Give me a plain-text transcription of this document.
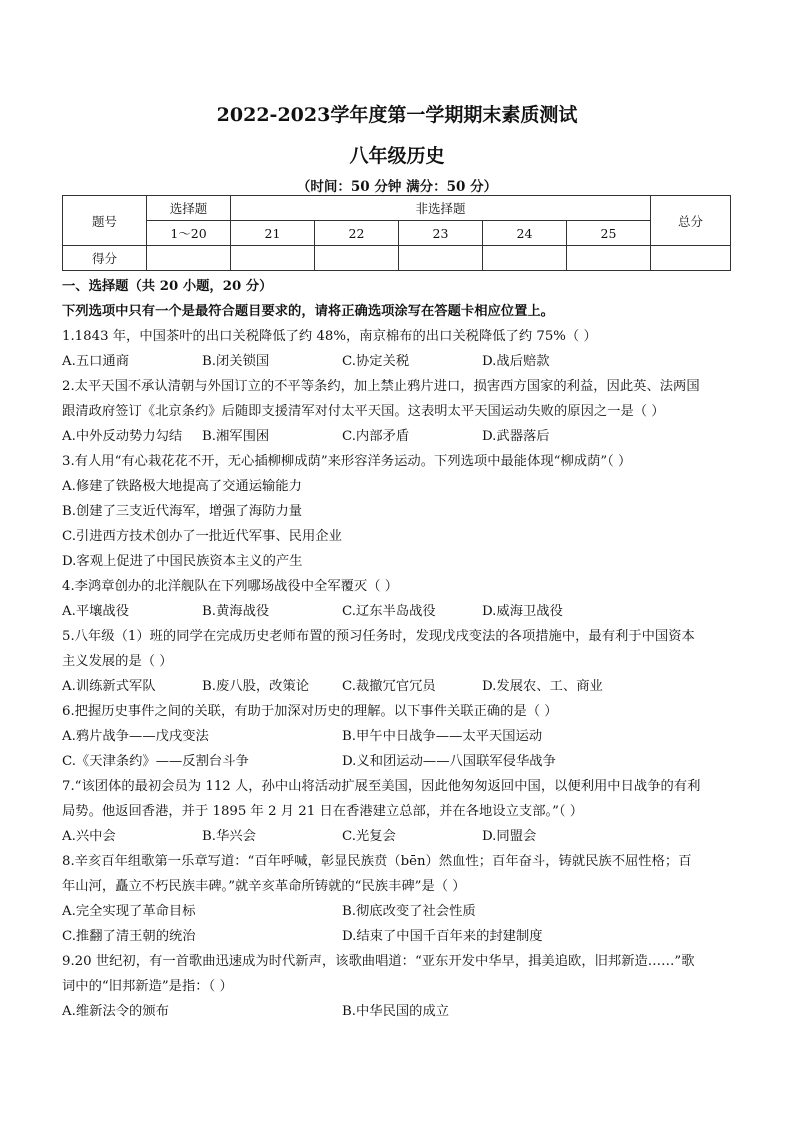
2022-2023学年度第一学期期末素质测试
八年级历史
（时间：50 分钟 满分：50 分）
题号	选择题	非选择题					总分
	1～20	21	22	23	24	25	
得分							
一、选择题（共 20 小题，20 分）
下列选项中只有一个是最符合题目要求的，请将正确选项涂写在答题卡相应位置上。
1.1843 年，中国茶叶的出口关税降低了约 48%，南京棉布的出口关税降低了约 75%（ ）
A.五口通商	B.闭关锁国	C.协定关税	D.战后赔款
2.太平天国不承认清朝与外国订立的不平等条约，加上禁止鸦片进口，损害西方国家的利益，因此英、法两国
跟清政府签订《北京条约》后随即支援清军对付太平天国。这表明太平天国运动失败的原因之一是（ ）
A.中外反动势力勾结	B.湘军围困	C.内部矛盾	D.武器落后
3.有人用“有心栽花花不开，无心插柳柳成荫”来形容洋务运动。下列选项中最能体现“柳成荫”（ ）
A.修建了铁路极大地提高了交通运输能力
B.创建了三支近代海军，增强了海防力量
C.引进西方技术创办了一批近代军事、民用企业
D.客观上促进了中国民族资本主义的产生
4.李鸿章创办的北洋舰队在下列哪场战役中全军覆灭（ ）
A.平壤战役	B.黄海战役	C.辽东半岛战役	D.威海卫战役
5.八年级（1）班的同学在完成历史老师布置的预习任务时，发现戊戌变法的各项措施中，最有利于中国资本
主义发展的是（ ）
A.训练新式军队	B.废八股，改策论	C.裁撤冗官冗员	D.发展农、工、商业
6.把握历史事件之间的关联，有助于加深对历史的理解。以下事件关联正确的是（ ）
A.鸦片战争——戊戌变法	B.甲午中日战争——太平天国运动
C.《天津条约》——反割台斗争	D.义和团运动——八国联军侵华战争
7.“该团体的最初会员为 112 人，孙中山将活动扩展至美国，因此他匆匆返回中国，以便利用中日战争的有利
局势。他返回香港，并于 1895 年 2 月 21 日在香港建立总部，并在各地设立支部。”（ ）
A.兴中会	B.华兴会	C.光复会	D.同盟会
8.辛亥百年组歌第一乐章写道：“百年呼喊，彰显民族贲（bēn）然血性；百年奋斗，铸就民族不屈性格；百
年山河，矗立不朽民族丰碑。”就辛亥革命所铸就的“民族丰碑”是（ ）
A.完全实现了革命目标	B.彻底改变了社会性质
C.推翻了清王朝的统治	D.结束了中国千百年来的封建制度
9.20 世纪初，有一首歌曲迅速成为时代新声，该歌曲唱道：“亚东开发中华早，揖美追欧，旧邦新造……”歌
词中的“旧邦新造”是指：（ ）
A.维新法令的颁布	B.中华民国的成立
